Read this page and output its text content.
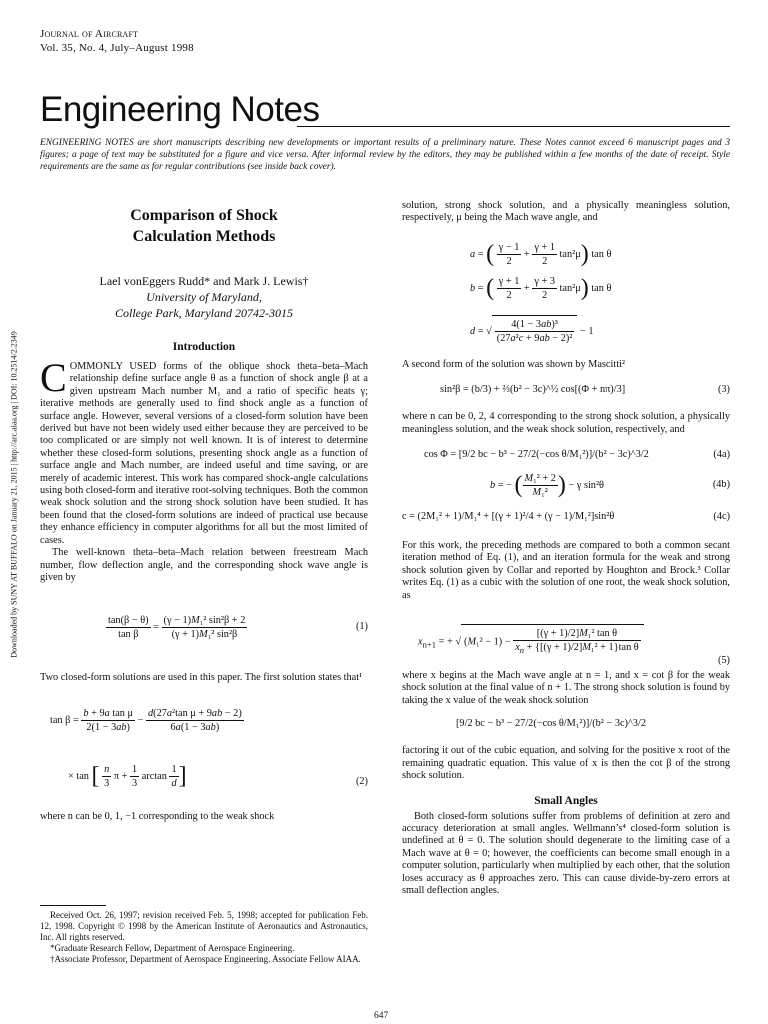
Journal of Aircraft
Vol. 35, No. 4, July–August 1998
Engineering Notes
ENGINEERING NOTES are short manuscripts describing new developments or important results of a preliminary nature. These Notes cannot exceed 6 manuscript pages and 3 figures; a page of text may be substituted for a figure and vice versa. After informal review by the editors, they may be published within a few months of the date of receipt. Style requirements are the same as for regular contributions (see inside back cover).
Downloaded by SUNY AT BUFFALO on January 21, 2015 | http://arc.aiaa.org | DOI: 10.2514/2.2349
Comparison of Shock
Calculation Methods
Lael vonEggers Rudd* and Mark J. Lewis†
University of Maryland,
College Park, Maryland 20742-3015
Introduction

COMMONLY USED forms of the oblique shock theta–beta–Mach relationship define surface angle θ as a function of shock angle β at a given upstream Mach number M₁ and a ratio of specific heats γ; iterative methods are generally used to find shock angle as a function of surface angle. However, several versions of a closed-form solution have been derived but have not been widely used either because they are perceived to be too complicated or are simply not well known. It is of interest to determine whether these closed-form solutions, presenting shock angle as a function of surface angle and Mach number, are indeed useful and time saving, or are merely of academic interest. This work has compared shock-angle calculations using both closed-form and iterative root-solving techniques. Both the common weak shock solution and the strong shock solution have been studied. It has been found that the closed-form solutions are indeed of practical use because they enhance efficiency in computer algorithms for all but the most limited of cases.

The well-known theta–beta–Mach relation between freestream Mach number, flow deflection angle, and the corresponding shock wave angle is given by

$\frac{\tan(\beta - \theta)}{\text{tan β}} = \frac{\text{(γ − 1)M₁² sin²β + 2}}{\text{(γ + 1)M₁² sin²β}}$	(1)

Two closed-form solutions are used in this paper. The first solution states that¹

$\tan \beta = \frac{\text{b + 9a tan μ}}{2(1 - 3ab)} - \frac{\text{d(27a²tan μ + 9ab − 2)}}{6a(1 - 3ab)}$
× tan [ $\frac{n}{3}$ $\pi + \frac{1}{3}$ $\arctan \frac{1}{d}$ ]	(2)

where n can be 0, 1, −1 corresponding to the weak shock

solution, strong shock solution, and a physically meaningless solution, respectively, μ being the Mach wave angle, and

a = ( $\frac{\gamma - 1}{2} + \frac{\gamma + 1}{2} \tan^2\mu$) tan θ
b = ( $\frac{\gamma + 1}{2} + \frac{\gamma + 3}{2} \tan^2\mu$) tan θ
d = √ $\frac{\text{4(1 − 3ab)³}}{\text{(27a²c + 9ab − 2)²}} - 1$

A second form of the solution was shown by Mascitti²

sin²β = (b/3) + ⅔(b² − 3c)^½ cos[(Φ + nπ)/3]	(3)

where n can be 0, 2, 4 corresponding to the strong shock solution, a physically meaningless solution, and the weak shock solution, respectively, and

cos Φ = [9/2 bc − b³ − 27/2(−cos θ/M₁²)]/(b² − 3c)^3/2	(4a)
b = − ( $\frac{\text{M₁² + 2}}{\text{M₁²}}$ ) − γ sin²θ	(4b)
c = (2M₁² + 1)/M₁⁴ + [(γ + 1)²/4 + (γ − 1)/M₁²]sin²θ	(4c)

For this work, the preceding methods are compared to both a common secant iteration method of Eq. (1), and an iteration formula for the weak and strong shock solution given by Collar and reported by Houghton and Brock.³ Collar writes Eq. (1) as a cubic with the solution of one root, the weak shock solution, as

$x_{n+1}$ = + √ $(M_1^2 - 1) - \frac{\text{[(γ + 1)/2]M₁² tan θ}}{x_n + \{[(\gamma + 1)/2]M_1^2 + 1\}\tan \theta}$
(5)

where x begins at the Mach wave angle at n = 1, and x = cot β for the weak shock solution at the final value of n + 1. The strong shock solution is found by taking the x value of the weak shock solution

[9/2 bc − b³ − 27/2(−cos θ/M₁²)]/(b² − 3c)^3/2

factoring it out of the cubic equation, and solving for the positive x root of the remaining quadratic equation. This value of x is then the cot β of the strong shock solution.

Small Angles

Both closed-form solutions suffer from problems of definition at zero and accuracy deterioration at small angles. Wellmann’s⁴ closed-form solution is undefined at θ = 0. The solution should degenerate to the limiting case of a Mach wave at θ = 0; however, the coefficients can become small enough in a computer solution, particularly when multiplied by each other, that the solution loses accuracy as θ approaches zero. This can cause divide-by-zero errors at small deflection angles.

Received Oct. 26, 1997; revision received Feb. 5, 1998; accepted for publication Feb. 12, 1998. Copyright © 1998 by the American Institute of Aeronautics and Astronautics, Inc. All rights reserved.
*Graduate Research Fellow, Department of Aerospace Engineering.
†Associate Professor, Department of Aerospace Engineering. Associate Fellow AIAA.
647
